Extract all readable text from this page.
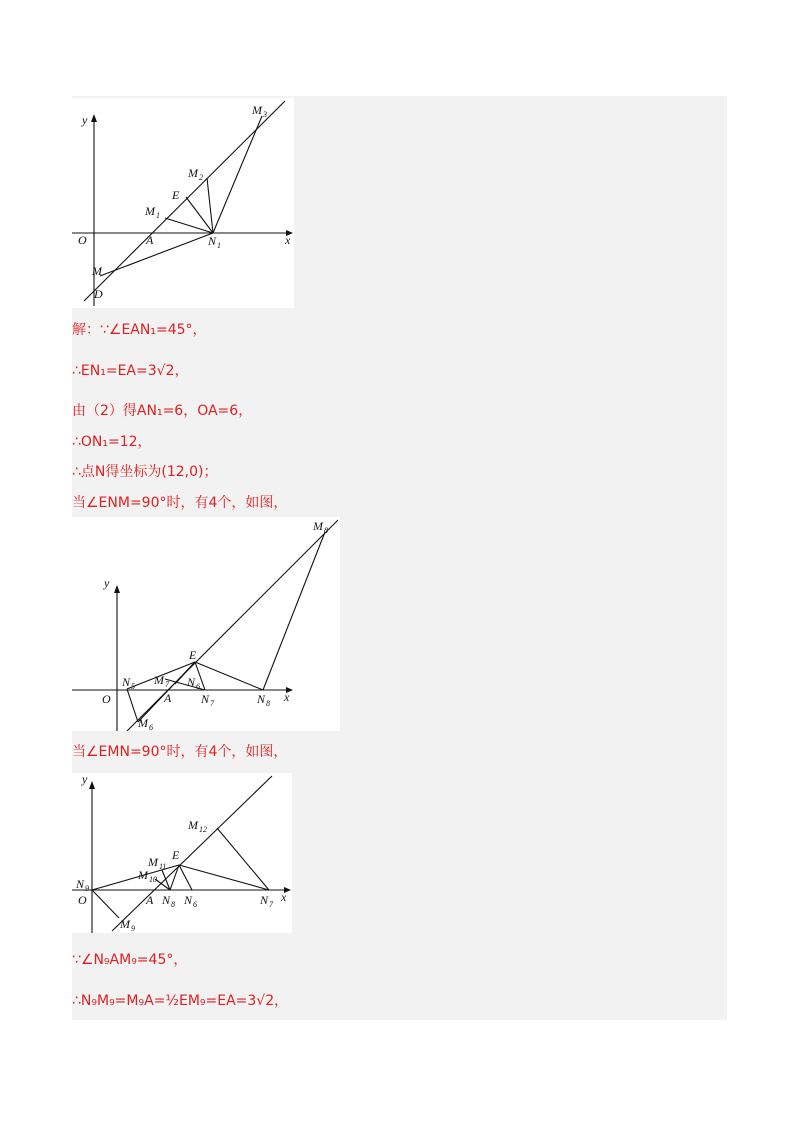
y
x
O	A
D
M
E
M 1
M 2
M 3
N 1
解：∵∠EAN₁=45°，
∴EN₁=EA=3√2，
由（2）得AN₁=6，OA=6，
∴ON₁=12，
∴点N得坐标为(12,0)；
当∠ENM=90°时，有4个，如图，
y
x
O	A
E
N 5 M 7 N 6
N 7	N 8
M 6
M 8
当∠EMN=90°时，有4个，如图，
y
x
O
N 9
A
E
M 11
M 10
N 8 N 6	N 7
M 12
M 9
∵∠N₉AM₉=45°，
∴N₉M₉=M₉A=½EM₉=EA=3√2，
